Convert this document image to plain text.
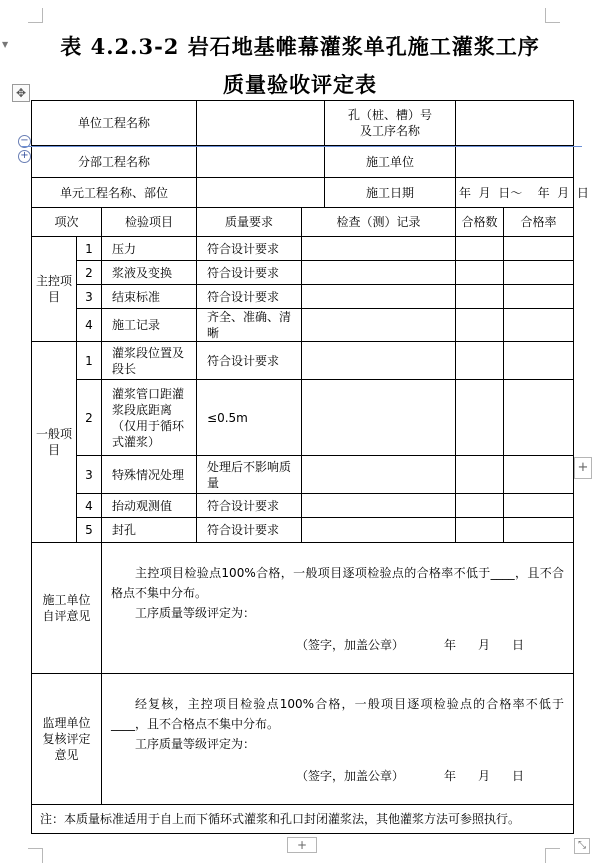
▼	表 4.2.3-2 岩石地基帷幕灌浆单孔施工灌浆工序
质量验收评定表
✥
−
+
单位工程名称					孔（桩、槽）号
及工序名称		

分部工程名称					施工单位		
单元工程名称、部位					施工日期	年  月  日～    年  月  日	
项次		检验项目	质量要求	检查（测）记录		合格数	合格率
主控项目	1	压力	符合设计要求				
	2	浆液及变换	符合设计要求				
	3	结束标准	符合设计要求				
	4	施工记录	齐全、准确、清晰				
一般项目	1	灌浆段位置及段长	符合设计要求				
	2	灌浆管口距灌浆段底距离（仅用于循环式灌浆）	≤0.5m				
	3	特殊情况处理	处理后不影响质量				
	4	抬动观测值	符合设计要求				
	5	封孔	符合设计要求				
施工单位自评意见		主控项目检验点100%合格，一般项目逐项检验点的合格率不低于____，且不合格点不集中分布。
工序质量等级评定为：
（签字，加盖公章） 年 月 日					

监理单位复核评定意见		经复核，主控项目检验点100%合格，一般项目逐项检验点的合格率不低于____，且不合格点不集中分布。
工序质量等级评定为：
（签字，加盖公章） 年 月 日					

注：本质量标准适用于自上而下循环式灌浆和孔口封闭灌浆法，其他灌浆方法可参照执行。							
+
+	⤡
